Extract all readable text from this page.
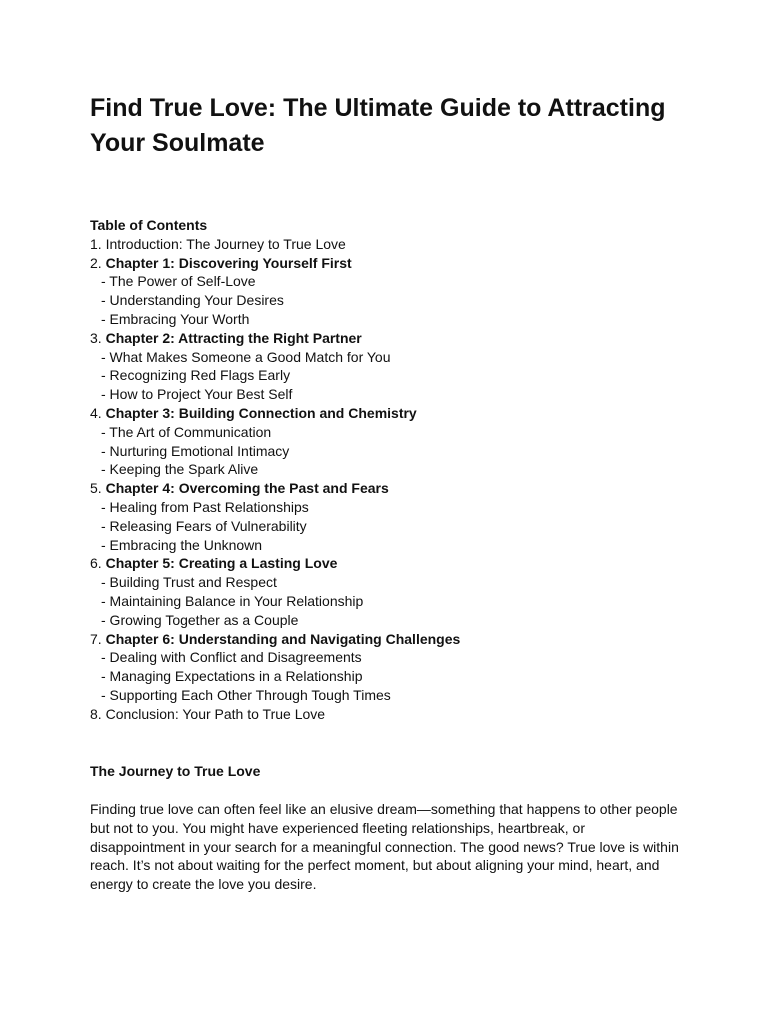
Find True Love: The Ultimate Guide to Attracting Your Soulmate

Table of Contents

1. Introduction: The Journey to True Love
2. Chapter 1: Discovering Yourself First
- The Power of Self-Love
- Understanding Your Desires
- Embracing Your Worth
3. Chapter 2: Attracting the Right Partner
- What Makes Someone a Good Match for You
- Recognizing Red Flags Early
- How to Project Your Best Self
4. Chapter 3: Building Connection and Chemistry
- The Art of Communication
- Nurturing Emotional Intimacy
- Keeping the Spark Alive
5. Chapter 4: Overcoming the Past and Fears
- Healing from Past Relationships
- Releasing Fears of Vulnerability
- Embracing the Unknown
6. Chapter 5: Creating a Lasting Love
- Building Trust and Respect
- Maintaining Balance in Your Relationship
- Growing Together as a Couple
7. Chapter 6: Understanding and Navigating Challenges
- Dealing with Conflict and Disagreements
- Managing Expectations in a Relationship
- Supporting Each Other Through Tough Times
8. Conclusion: Your Path to True Love
The Journey to True Love

Finding true love can often feel like an elusive dream—something that happens to other people but not to you. You might have experienced fleeting relationships, heartbreak, or disappointment in your search for a meaningful connection. The good news? True love is within reach. It’s not about waiting for the perfect moment, but about aligning your mind, heart, and energy to create the love you desire.
